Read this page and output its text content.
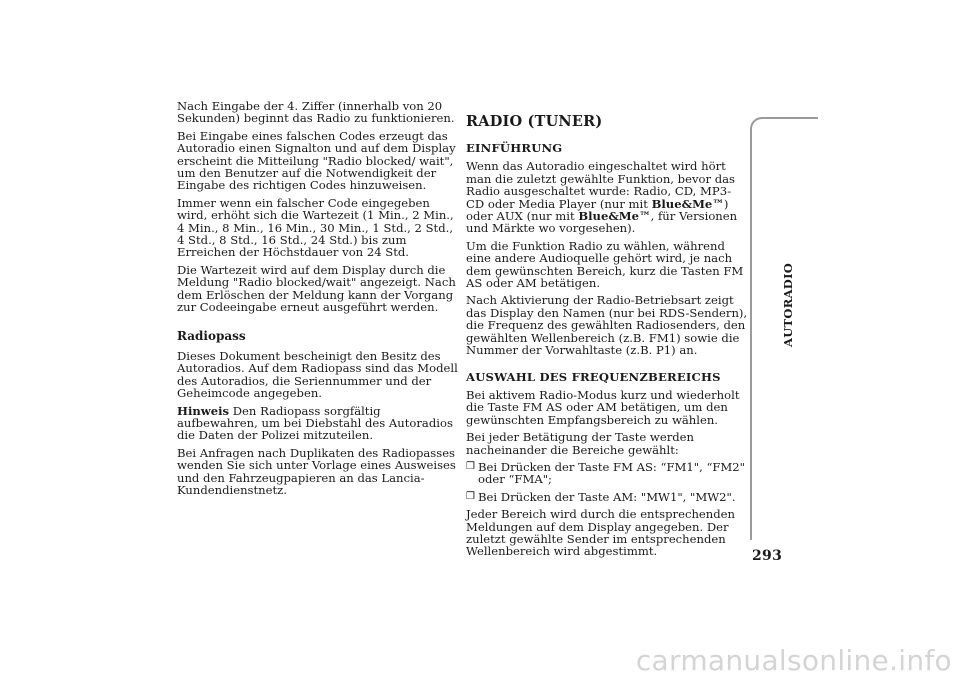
Nach Eingabe der 4. Ziffer (innerhalb von 20 Sekunden) beginnt das Radio zu funktionieren.

Bei Eingabe eines falschen Codes erzeugt das Autoradio einen Signalton und auf dem Display erscheint die Mitteilung "Radio blocked/ wait", um den Benutzer auf die Notwendigkeit der Eingabe des richtigen Codes hinzuweisen.

Immer wenn ein falscher Code eingegeben wird, erhöht sich die Wartezeit (1 Min., 2 Min., 4 Min., 8 Min., 16 Min., 30 Min., 1 Std., 2 Std., 4 Std., 8 Std., 16 Std., 24 Std.) bis zum Erreichen der Höchstdauer von 24 Std.

Die Wartezeit wird auf dem Display durch die Meldung "Radio blocked/wait" angezeigt. Nach dem Erlöschen der Meldung kann der Vorgang zur Codeeingabe erneut ausgeführt werden.

Radiopass

Dieses Dokument bescheinigt den Besitz des Autoradios. Auf dem Radiopass sind das Modell des Autoradios, die Seriennummer und der Geheimcode angegeben.

Hinweis Den Radiopass sorgfältig aufbewahren, um bei Diebstahl des Autoradios die Daten der Polizei mitzuteilen.

Bei Anfragen nach Duplikaten des Radiopasses wenden Sie sich unter Vorlage eines Ausweises und den Fahrzeugpapieren an das Lancia-Kundendienstnetz.

RADIO (TUNER)
EINFÜHRUNG

Wenn das Autoradio eingeschaltet wird hört man die zuletzt gewählte Funktion, bevor das Radio ausgeschaltet wurde: Radio, CD, MP3-CD oder Media Player (nur mit Blue&Me™) oder AUX (nur mit Blue&Me™, für Versionen und Märkte wo vorgesehen).

Um die Funktion Radio zu wählen, während eine andere Audioquelle gehört wird, je nach dem gewünschten Bereich, kurz die Tasten FM AS oder AM betätigen.

Nach Aktivierung der Radio-Betriebsart zeigt das Display den Namen (nur bei RDS-Sendern), die Frequenz des gewählten Radiosenders, den gewählten Wellenbereich (z.B. FM1) sowie die Nummer der Vorwahltaste (z.B. P1) an.

AUSWAHL DES FREQUENZBEREICHS

Bei aktivem Radio-Modus kurz und wiederholt die Taste FM AS oder AM betätigen, um den gewünschten Empfangsbereich zu wählen.

Bei jeder Betätigung der Taste werden nacheinander die Bereiche gewählt:

❒ Bei Drücken der Taste FM AS: “FM1", “FM2" oder “FMA";
❒ Bei Drücken der Taste AM: "MW1", "MW2".

Jeder Bereich wird durch die entsprechenden Meldungen auf dem Display angegeben. Der zuletzt gewählte Sender im entsprechenden Wellenbereich wird abgestimmt.

AUTORADIO
293
carmanualsonline.info
